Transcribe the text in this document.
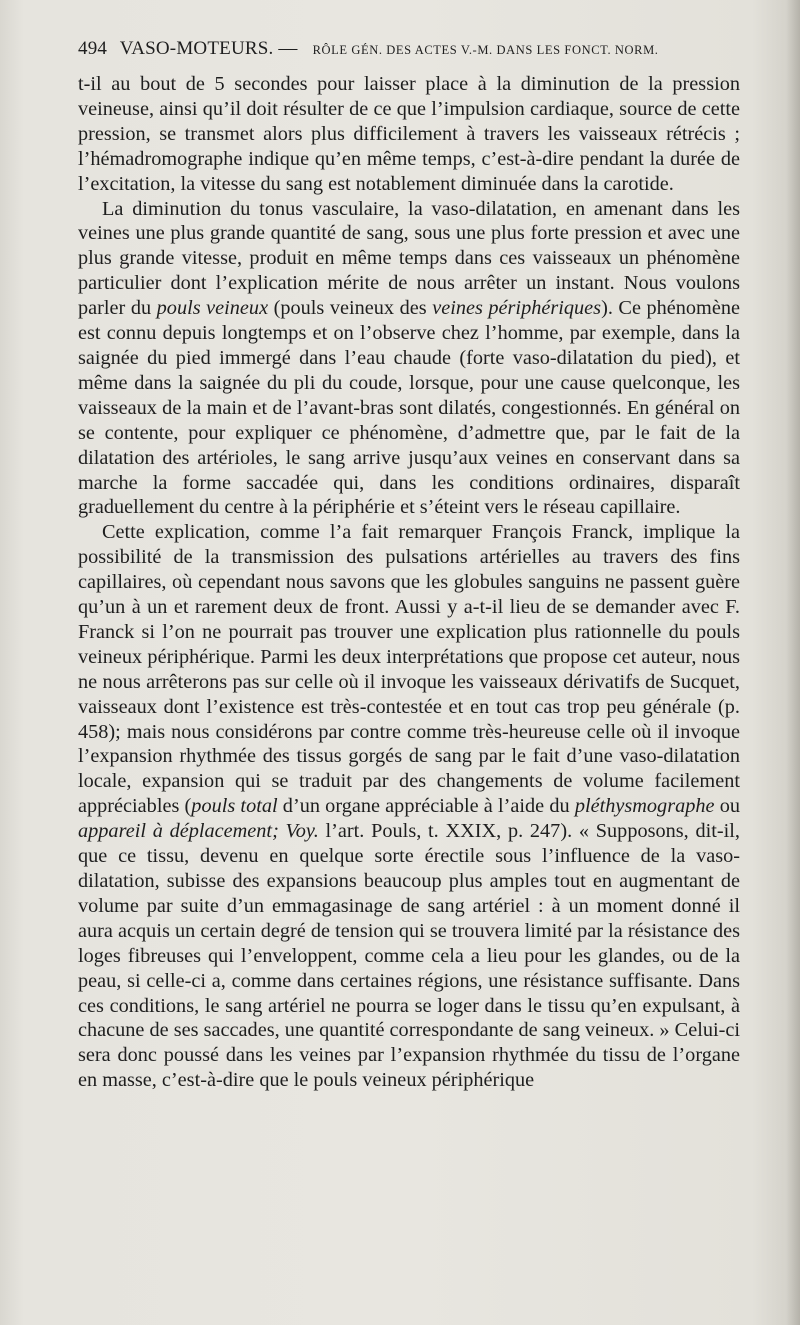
494 VASO-MOTEURS. — RÔLE GÉN. DES ACTES V.-M. DANS LES FONCT. NORM.

t-il au bout de 5 secondes pour laisser place à la diminution de la pression veineuse, ainsi qu’il doit résulter de ce que l’impulsion cardiaque, source de cette pression, se transmet alors plus difficilement à travers les vaisseaux rétrécis ; l’hémadromographe indique qu’en même temps, c’est-à-dire pendant la durée de l’excitation, la vitesse du sang est notablement diminuée dans la carotide.

La diminution du tonus vasculaire, la vaso-dilatation, en amenant dans les veines une plus grande quantité de sang, sous une plus forte pression et avec une plus grande vitesse, produit en même temps dans ces vaisseaux un phénomène particulier dont l’explication mérite de nous arrêter un instant. Nous voulons parler du pouls veineux (pouls veineux des veines périphériques). Ce phénomène est connu depuis longtemps et on l’observe chez l’homme, par exemple, dans la saignée du pied immergé dans l’eau chaude (forte vaso-dilatation du pied), et même dans la saignée du pli du coude, lorsque, pour une cause quelconque, les vaisseaux de la main et de l’avant-bras sont dilatés, congestionnés. En général on se contente, pour expliquer ce phénomène, d’admettre que, par le fait de la dilatation des artérioles, le sang arrive jusqu’aux veines en conservant dans sa marche la forme saccadée qui, dans les conditions ordinaires, disparaît graduellement du centre à la périphérie et s’éteint vers le réseau capillaire.

Cette explication, comme l’a fait remarquer François Franck, implique la possibilité de la transmission des pulsations artérielles au travers des fins capillaires, où cependant nous savons que les globules sanguins ne passent guère qu’un à un et rarement deux de front. Aussi y a-t-il lieu de se demander avec F. Franck si l’on ne pourrait pas trouver une explication plus rationnelle du pouls veineux périphérique. Parmi les deux interprétations que propose cet auteur, nous ne nous arrêterons pas sur celle où il invoque les vaisseaux dérivatifs de Sucquet, vaisseaux dont l’existence est très-contestée et en tout cas trop peu générale (p. 458); mais nous considérons par contre comme très-heureuse celle où il invoque l’expansion rhythmée des tissus gorgés de sang par le fait d’une vaso-dilatation locale, expansion qui se traduit par des changements de volume facilement appréciables (pouls total d’un organe appréciable à l’aide du pléthysmographe ou appareil à déplacement; Voy. l’art. Pouls, t. XXIX, p. 247). « Supposons, dit-il, que ce tissu, devenu en quelque sorte érectile sous l’influence de la vaso-dilatation, subisse des expansions beaucoup plus amples tout en augmentant de volume par suite d’un emmagasinage de sang artériel : à un moment donné il aura acquis un certain degré de tension qui se trouvera limité par la résistance des loges fibreuses qui l’enveloppent, comme cela a lieu pour les glandes, ou de la peau, si celle-ci a, comme dans certaines régions, une résistance suffisante. Dans ces conditions, le sang artériel ne pourra se loger dans le tissu qu’en expulsant, à chacune de ses saccades, une quantité correspondante de sang veineux. » Celui-ci sera donc poussé dans les veines par l’expansion rhythmée du tissu de l’organe en masse, c’est-à-dire que le pouls veineux périphérique
